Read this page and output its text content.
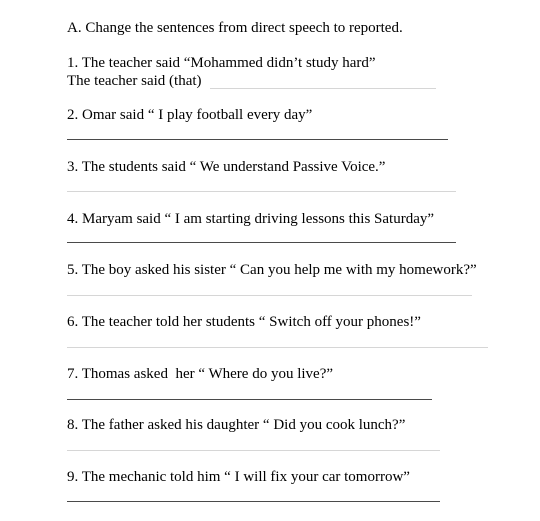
A. Change the sentences from direct speech to reported.
1. The teacher said “Mohammed didn’t study hard”
The teacher said (that)
2. Omar said “ I play football every day”
3. The students said “ We understand Passive Voice.”
4. Maryam said “ I am starting driving lessons this Saturday”
5. The boy asked his sister “ Can you help me with my homework?”
6. The teacher told her students “ Switch off your phones!”
7. Thomas asked  her “ Where do you live?”
8. The father asked his daughter “ Did you cook lunch?”
9. The mechanic told him “ I will fix your car tomorrow”
